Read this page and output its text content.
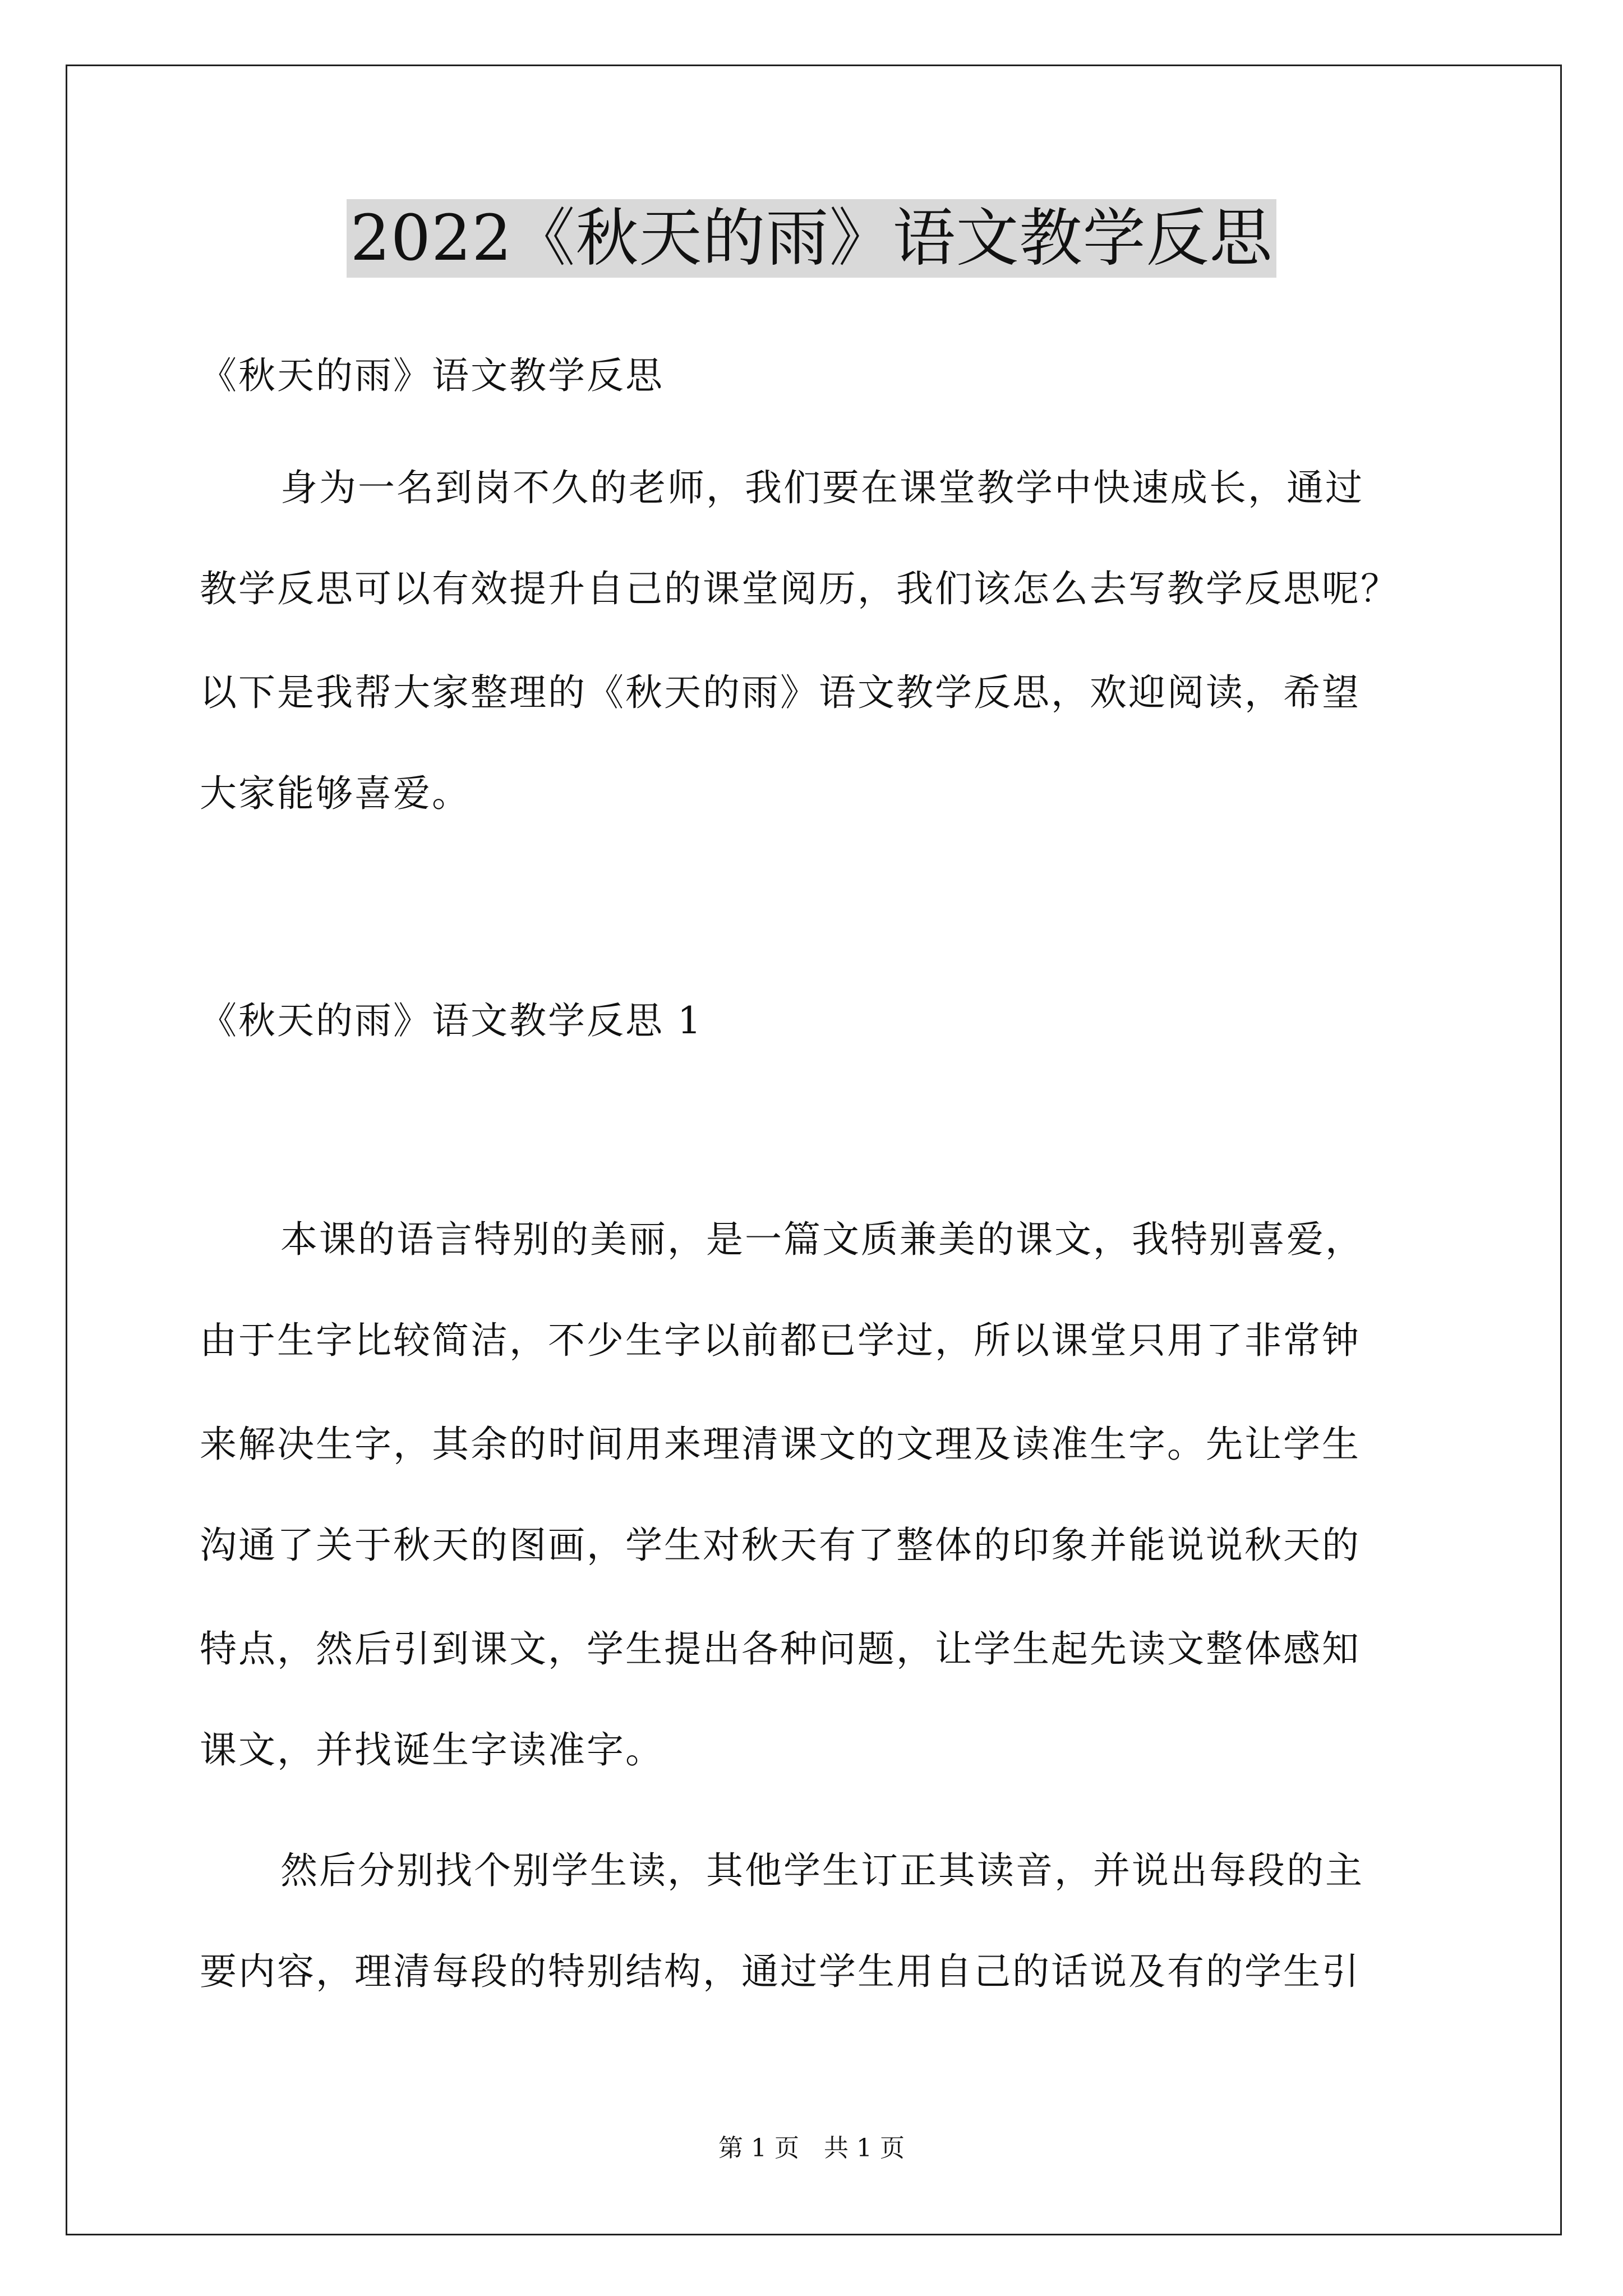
2022《秋天的雨》语文教学反思
《秋天的雨》语文教学反思
身为一名到岗不久的老师，我们要在课堂教学中快速成长，通过
教学反思可以有效提升自己的课堂阅历，我们该怎么去写教学反思呢？
以下是我帮大家整理的《秋天的雨》语文教学反思，欢迎阅读，希望
大家能够喜爱。
《秋天的雨》语文教学反思 1
本课的语言特别的美丽，是一篇文质兼美的课文，我特别喜爱，
由于生字比较简洁，不少生字以前都已学过，所以课堂只用了非常钟
来解决生字，其余的时间用来理清课文的文理及读准生字。先让学生
沟通了关于秋天的图画，学生对秋天有了整体的印象并能说说秋天的
特点，然后引到课文，学生提出各种问题，让学生起先读文整体感知
课文，并找诞生字读准字。
然后分别找个别学生读，其他学生订正其读音，并说出每段的主
要内容，理清每段的特别结构，通过学生用自己的话说及有的学生引
第 1 页 共 1 页
